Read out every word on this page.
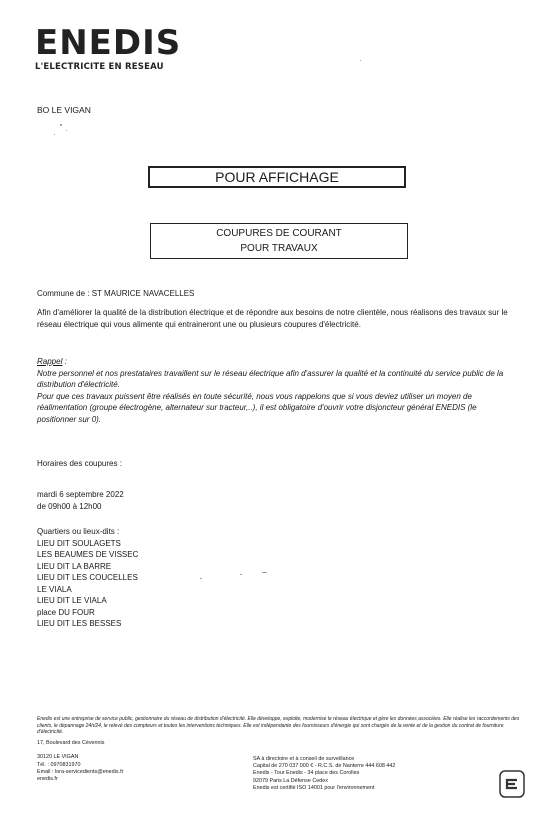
ENEDIS
L'ELECTRICITE EN RESEAU
BO LE VIGAN
POUR AFFICHAGE
COUPURES DE COURANT
POUR TRAVAUX
Commune de : ST MAURICE NAVACELLES
Afin d'améliorer la qualité de la distribution électrique et de répondre aux besoins de notre clientèle, nous réalisons des travaux sur le réseau électrique qui vous alimente qui entraineront une ou plusieurs coupures d'électricité.
Rappel :
Notre personnel et nos prestataires travaillent sur le réseau électrique afin d'assurer la qualité et la continuité du service public de la distribution d'électricité.
Pour que ces travaux puissent être réalisés en toute sécurité, nous vous rappelons que si vous deviez utiliser un moyen de réalimentation (groupe électrogène, alternateur sur tracteur,..), il est obligatoire d'ouvrir votre disjoncteur général ENEDIS (le positionner sur 0).
Horaires des coupures :
mardi 6 septembre 2022
de 09h00 à 12h00
Quartiers ou lieux-dits :
LIEU DIT SOULAGETS
LES BEAUMES DE VISSEC
LIEU DIT LA BARRE
LIEU DIT LES COUCELLES
LE VIALA
LIEU DIT LE VIALA
place DU FOUR
LIEU DIT LES BESSES
Enedis est une entreprise de service public, gestionnaire du réseau de distribution d'électricité. Elle développe, exploite, modernise le réseau électrique et gère les données associées. Elle réalise les raccordements des clients, le dépannage 24h/24, le relevé des compteurs et toutes les interventions techniques. Elle est indépendante des fournisseurs d'énergie qui sont chargés de la vente et de la gestion du contrat de fourniture d'électricité.
17, Boulevard des Cévennis

30120 LE VIGAN
Tél. : 0970831970
Email : lora-servicedients@enedis.fr
enedis.fr
SA à directoire et à conseil de surveillance
Capital de 270 037 000 € - R.C.S. de Nanterre 444 608 442
Enedis - Tour Enedis - 34 place des Corolles
92079 Paris La Défense Cedex
Enedis est certifié ISO 14001 pour l'environnement
